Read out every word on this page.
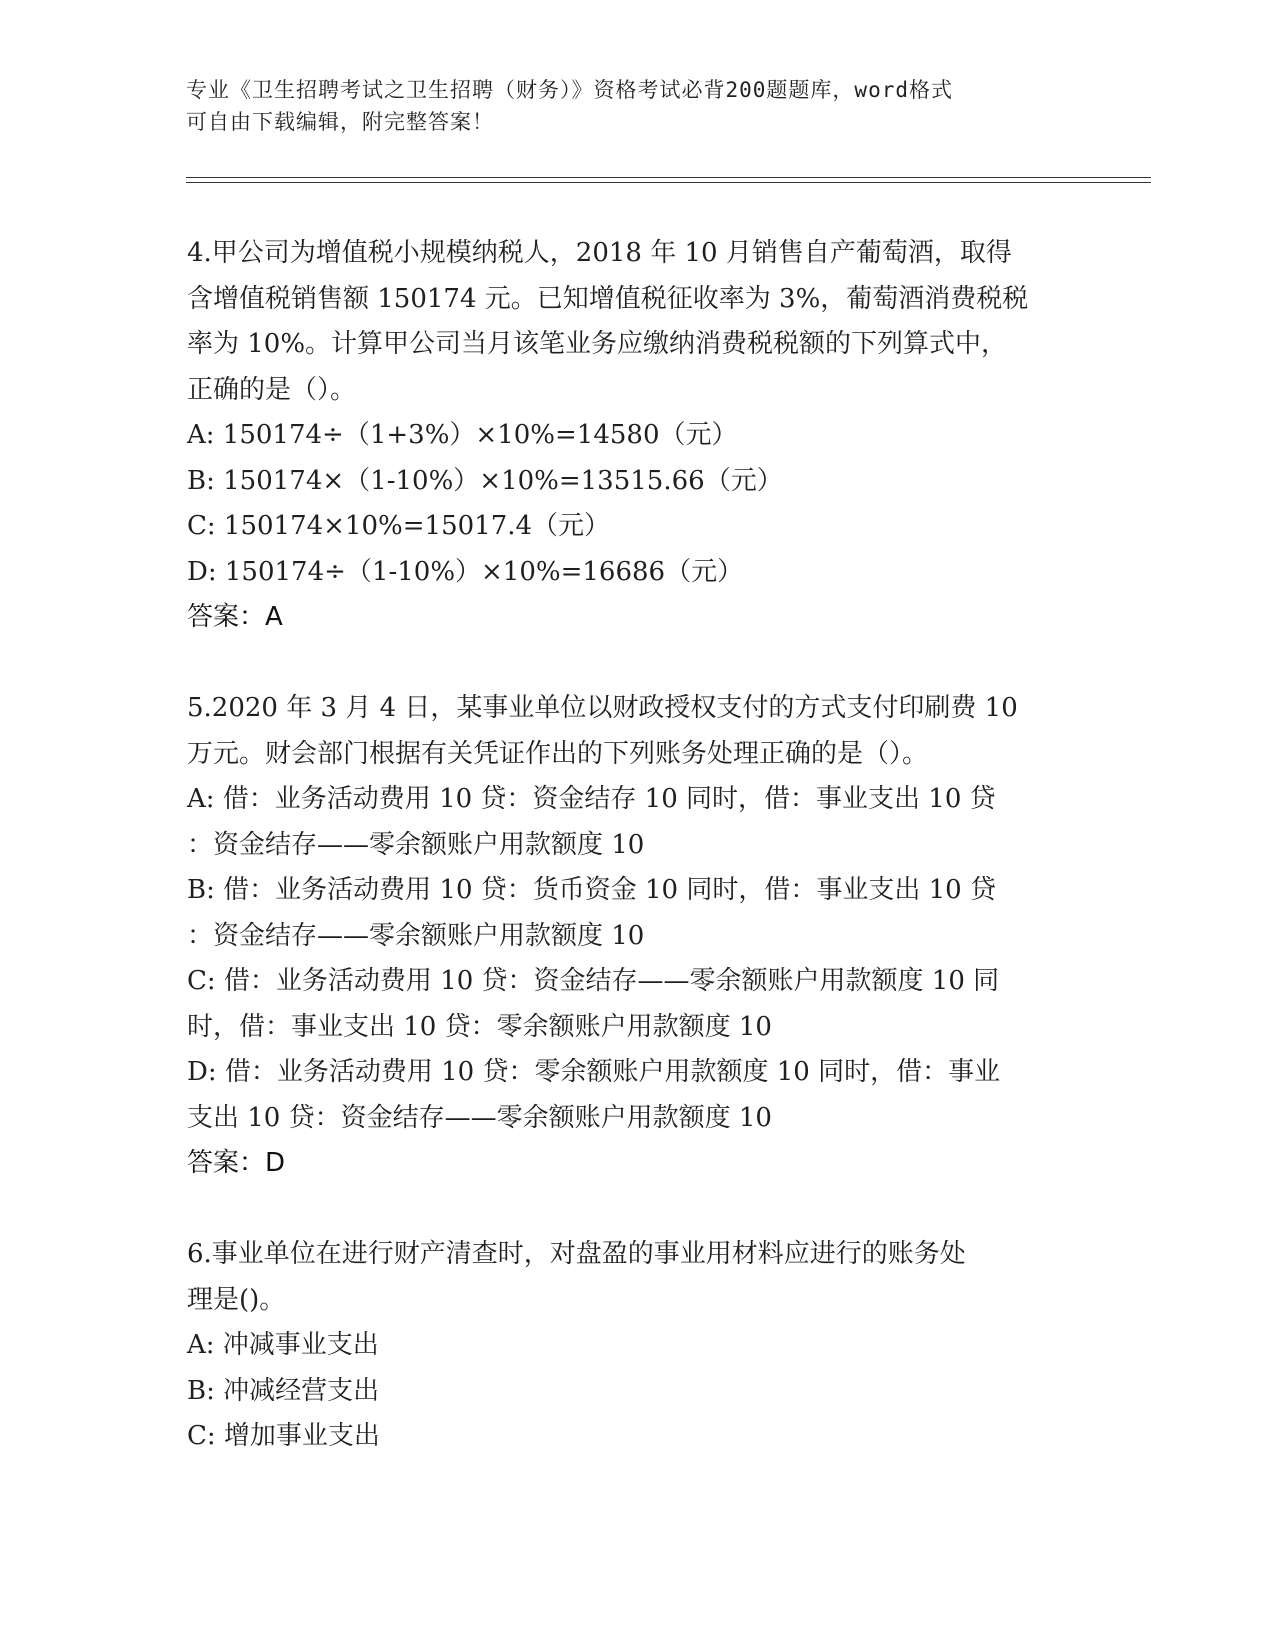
专业《卫生招聘考试之卫生招聘（财务）》资格考试必背200题题库，word格式
可自由下载编辑，附完整答案！
4.甲公司为增值税小规模纳税人，2018 年 10 月销售自产葡萄酒，取得
含增值税销售额 150174 元。已知增值税征收率为 3%，葡萄酒消费税税
率为 10%。计算甲公司当月该笔业务应缴纳消费税税额的下列算式中，
正确的是（）。
A: 150174÷（1+3%）×10%=14580（元）
B: 150174×（1-10%）×10%=13515.66（元）
C: 150174×10%=15017.4（元）
D: 150174÷（1-10%）×10%=16686（元）
答案：A
5.2020 年 3 月 4 日，某事业单位以财政授权支付的方式支付印刷费 10
万元。财会部门根据有关凭证作出的下列账务处理正确的是（）。
A: 借：业务活动费用 10 贷：资金结存 10 同时，借：事业支出 10 贷
：资金结存——零余额账户用款额度 10
B: 借：业务活动费用 10 贷：货币资金 10 同时，借：事业支出 10 贷
：资金结存——零余额账户用款额度 10
C: 借：业务活动费用 10 贷：资金结存——零余额账户用款额度 10 同
时，借：事业支出 10 贷：零余额账户用款额度 10
D: 借：业务活动费用 10 贷：零余额账户用款额度 10 同时，借：事业
支出 10 贷：资金结存——零余额账户用款额度 10
答案：D
6.事业单位在进行财产清查时，对盘盈的事业用材料应进行的账务处
理是()。
A: 冲减事业支出
B: 冲减经营支出
C: 增加事业支出
